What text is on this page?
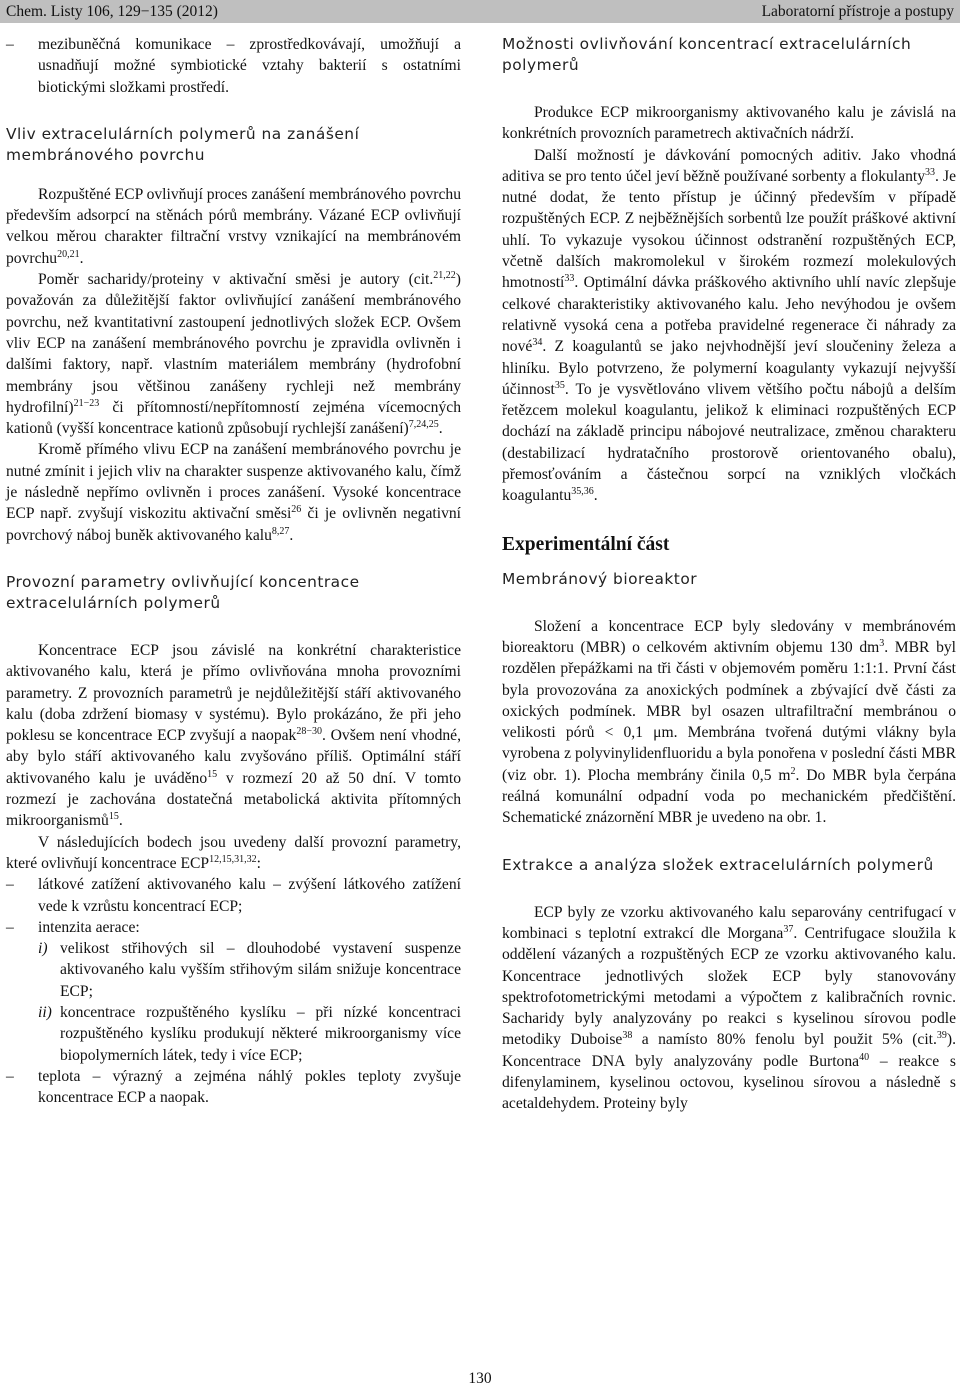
Chem. Listy 106, 129−135 (2012)	Laboratorní přístroje a postupy

– mezibuněčná komunikace – zprostředkovávají, umožňují a usnadňují možné symbiotické vztahy bakterií s ostatními biotickými složkami prostředí.

Vliv extracelulárních polymerů na zanášení membránového povrchu

Rozpuštěné ECP ovlivňují proces zanášení membránového povrchu především adsorpcí na stěnách pórů membrány. Vázané ECP ovlivňují velkou měrou charakter filtrační vrstvy vznikající na membránovém povrchu$^{20,21}$.

Poměr sacharidy/proteiny v aktivační směsi je autory (cit.$^{21,22}$) považován za důležitější faktor ovlivňující zanášení membránového povrchu, než kvantitativní zastoupení jednotlivých složek ECP. Ovšem vliv ECP na zanášení membránového povrchu je zpravidla ovlivněn i dalšími faktory, např. vlastním materiálem membrány (hydrofobní membrány jsou většinou zanášeny rychleji než membrány hydrofilní)$^{21-23}$ či přítomností/nepřítomností zejména vícemocných kationů (vyšší koncentrace kationů způsobují rychlejší zanášení)$^{7,24,25}$.

Kromě přímého vlivu ECP na zanášení membránového povrchu je nutné zmínit i jejich vliv na charakter suspenze aktivovaného kalu, čímž je následně nepřímo ovlivněn i proces zanášení. Vysoké koncentrace ECP např. zvyšují viskozitu aktivační směsi$^{26}$ či je ovlivněn negativní povrchový náboj buněk aktivovaného kalu$^{8,27}$.

Provozní parametry ovlivňující koncentrace extracelulárních polymerů

Koncentrace ECP jsou závislé na konkrétní charakteristice aktivovaného kalu, která je přímo ovlivňována mnoha provozními parametry. Z provozních parametrů je nejdůležitější stáří aktivovaného kalu (doba zdržení biomasy v systému). Bylo prokázáno, že při jeho poklesu se koncentrace ECP zvyšují a naopak$^{28-30}$. Ovšem není vhodné, aby bylo stáří aktivovaného kalu zvyšováno příliš. Optimální stáří aktivovaného kalu je uváděno$^{15}$ v rozmezí 20 až 50 dní. V tomto rozmezí je zachována dostatečná metabolická aktivita přítomných mikroorganismů$^{15}$.

V následujících bodech jsou uvedeny další provozní parametry, které ovlivňují koncentrace ECP$^{12,15,31,32}$:

– látkové zatížení aktivovaného kalu – zvýšení látkového zatížení vede k vzrůstu koncentrací ECP;

– intenzita aerace:

i) velikost střihových sil – dlouhodobé vystavení suspenze aktivovaného kalu vyšším střihovým silám snižuje koncentrace ECP;

ii) koncentrace rozpuštěného kyslíku – při nízké koncentraci rozpuštěného kyslíku produkují některé mikroorganismy více biopolymerních látek, tedy i více ECP;

– teplota – výrazný a zejména náhlý pokles teploty zvyšuje koncentrace ECP a naopak.

Možnosti ovlivňování koncentrací extracelulárních polymerů

Produkce ECP mikroorganismy aktivovaného kalu je závislá na konkrétních provozních parametrech aktivačních nádrží.

Další možností je dávkování pomocných aditiv. Jako vhodná aditiva se pro tento účel jeví běžně používané sorbenty a flokulanty$^{33}$. Je nutné dodat, že tento přístup je účinný především v případě rozpuštěných ECP. Z nejběžnějších sorbentů lze použít práškové aktivní uhlí. To vykazuje vysokou účinnost odstranění rozpuštěných ECP, včetně dalších makromolekul v širokém rozmezí molekulových hmotností$^{33}$. Optimální dávka práškového aktivního uhlí navíc zlepšuje celkové charakteristiky aktivovaného kalu. Jeho nevýhodou je ovšem relativně vysoká cena a potřeba pravidelné regenerace či náhrady za nové$^{34}$. Z koagulantů se jako nejvhodnější jeví sloučeniny železa a hliníku. Bylo potvrzeno, že polymerní koagulanty vykazují nejvyšší účinnost$^{35}$. To je vysvětlováno vlivem většího počtu nábojů a delším řetězcem molekul koagulantu, jelikož k eliminaci rozpuštěných ECP dochází na základě principu nábojové neutralizace, změnou charakteru (destabilizací hydratačního prostorově orientovaného obalu), přemosťováním a částečnou sorpcí na vzniklých vločkách koagulantu$^{35,36}$.

Experimentální část

Membránový bioreaktor

Složení a koncentrace ECP byly sledovány v membránovém bioreaktoru (MBR) o celkovém aktivním objemu 130 $dm^3$. MBR byl rozdělen přepážkami na tři části v objemovém poměru 1:1:1. První část byla provozována za anoxických podmínek a zbývající dvě části za oxických podmínek. MBR byl osazen ultrafiltrační membránou o velikosti pórů < 0,1 μm. Membrána tvořená dutými vlákny byla vyrobena z polyvinylidenfluoridu a byla ponořena v poslední části MBR (viz obr. 1). Plocha membrány činila 0,5 $m^2$. Do MBR byla čerpána reálná komunální odpadní voda po mechanickém předčištění. Schematické znázornění MBR je uvedeno na obr. 1.

Extrakce a analýza složek extracelulárních polymerů

ECP byly ze vzorku aktivovaného kalu separovány centrifugací v kombinaci s teplotní extrakcí dle Morgana$^{37}$. Centrifugace sloužila k oddělení vázaných a rozpuštěných ECP ze vzorku aktivovaného kalu. Koncentrace jednotlivých složek ECP byly stanovovány spektrofotometrickými metodami a výpočtem z kalibračních rovnic. Sacharidy byly analyzovány po reakci s kyselinou sírovou podle metodiky Duboise$^{38}$ a namísto 80% fenolu byl použit 5% (cit.$^{39}$). Koncentrace DNA byly analyzovány podle Burtona$^{40}$ – reakce s difenylaminem, kyselinou octovou, kyselinou sírovou a následně s acetaldehydem. Proteiny byly

130
